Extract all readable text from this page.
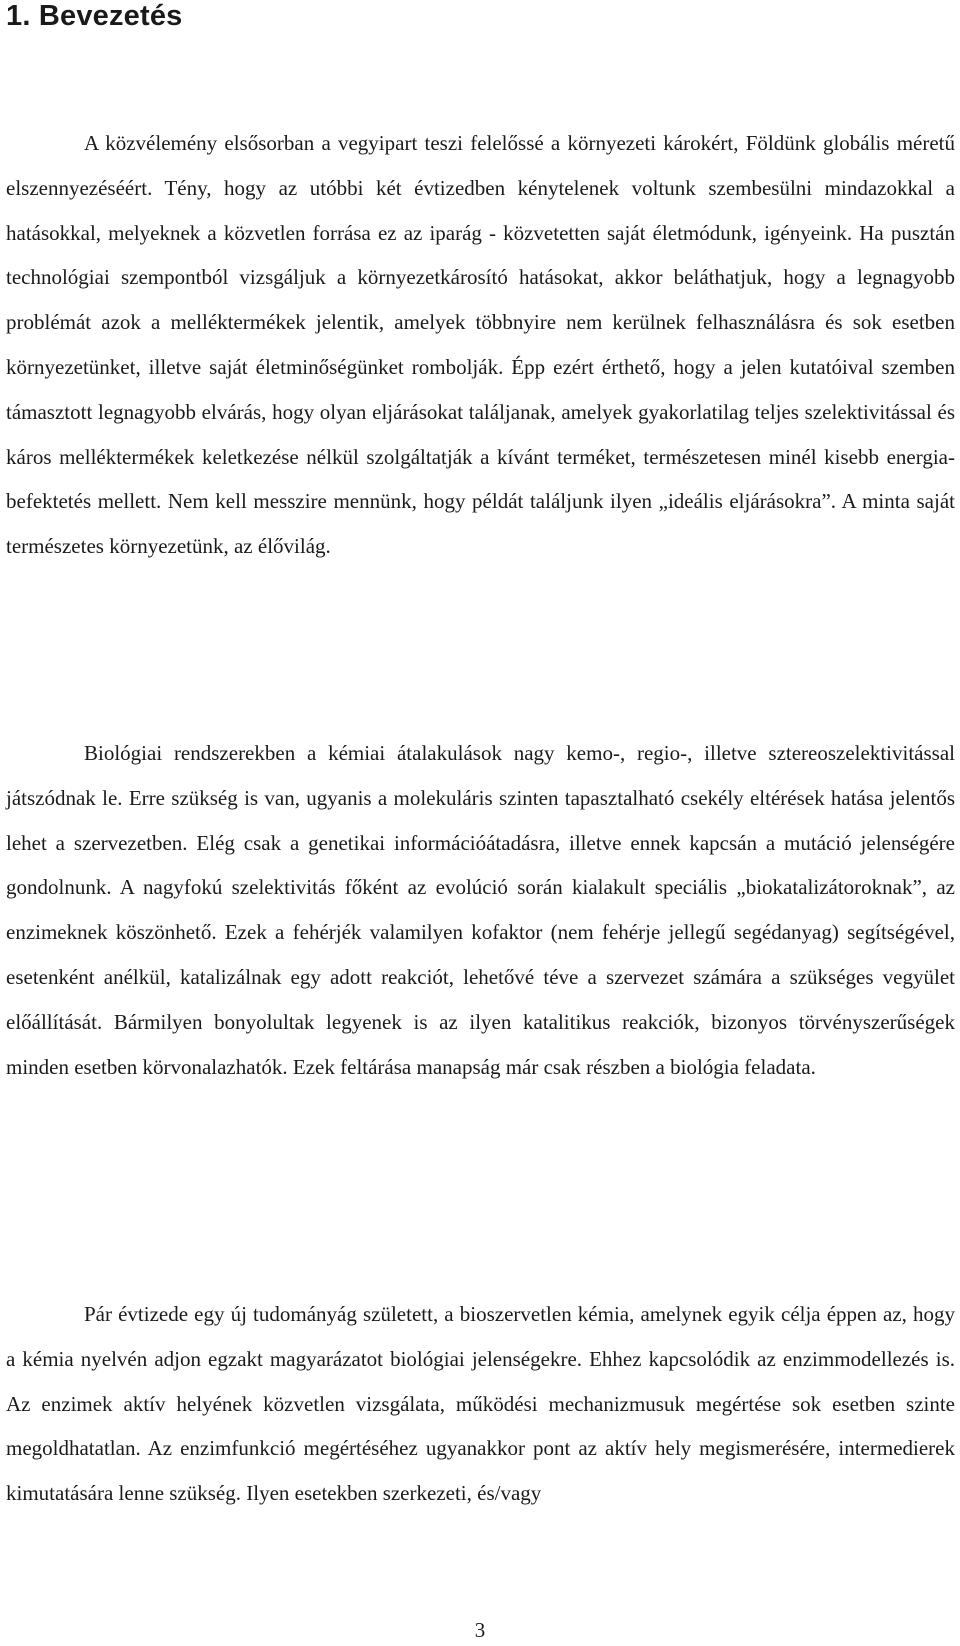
1. Bevezetés

A közvélemény elsősorban a vegyipart teszi felelőssé a környezeti károkért, Földünk globális méretű elszennyezéséért. Tény, hogy az utóbbi két évtizedben kénytelenek voltunk szembesülni mindazokkal a hatásokkal, melyeknek a közvetlen forrása ez az iparág - közvetetten saját életmódunk, igényeink. Ha pusztán technológiai szempontból vizsgáljuk a környezetkárosító hatásokat, akkor beláthatjuk, hogy a legnagyobb problémát azok a melléktermékek jelentik, amelyek többnyire nem kerülnek felhasználásra és sok esetben környezetünket, illetve saját életminőségünket rombolják. Épp ezért érthető, hogy a jelen kutatóival szemben támasztott legnagyobb elvárás, hogy olyan eljárásokat találjanak, amelyek gyakorlatilag teljes szelektivitással és káros melléktermékek keletkezése nélkül szolgáltatják a kívánt terméket, természetesen minél kisebb energia-befektetés mellett. Nem kell messzire mennünk, hogy példát találjunk ilyen „ideális eljárásokra”. A minta saját természetes környezetünk, az élővilág.

Biológiai rendszerekben a kémiai átalakulások nagy kemo-, regio-, illetve sztereoszelektivitással játszódnak le. Erre szükség is van, ugyanis a molekuláris szinten tapasztalható csekély eltérések hatása jelentős lehet a szervezetben. Elég csak a genetikai információátadásra, illetve ennek kapcsán a mutáció jelenségére gondolnunk. A nagyfokú szelektivitás főként az evolúció során kialakult speciális „biokatalizátoroknak”, az enzimeknek köszönhető. Ezek a fehérjék valamilyen kofaktor (nem fehérje jellegű segédanyag) segítségével, esetenként anélkül, katalizálnak egy adott reakciót, lehetővé téve a szervezet számára a szükséges vegyület előállítását. Bármilyen bonyolultak legyenek is az ilyen katalitikus reakciók, bizonyos törvényszerűségek minden esetben körvonalazhatók. Ezek feltárása manapság már csak részben a biológia feladata.

Pár évtizede egy új tudományág született, a bioszervetlen kémia, amelynek egyik célja éppen az, hogy a kémia nyelvén adjon egzakt magyarázatot biológiai jelenségekre. Ehhez kapcsolódik az enzimmodellezés is. Az enzimek aktív helyének közvetlen vizsgálata, működési mechanizmusuk megértése sok esetben szinte megoldhatatlan. Az enzimfunkció megértéséhez ugyanakkor pont az aktív hely megismerésére, intermedierek kimutatására lenne szükség. Ilyen esetekben szerkezeti, és/vagy

3
